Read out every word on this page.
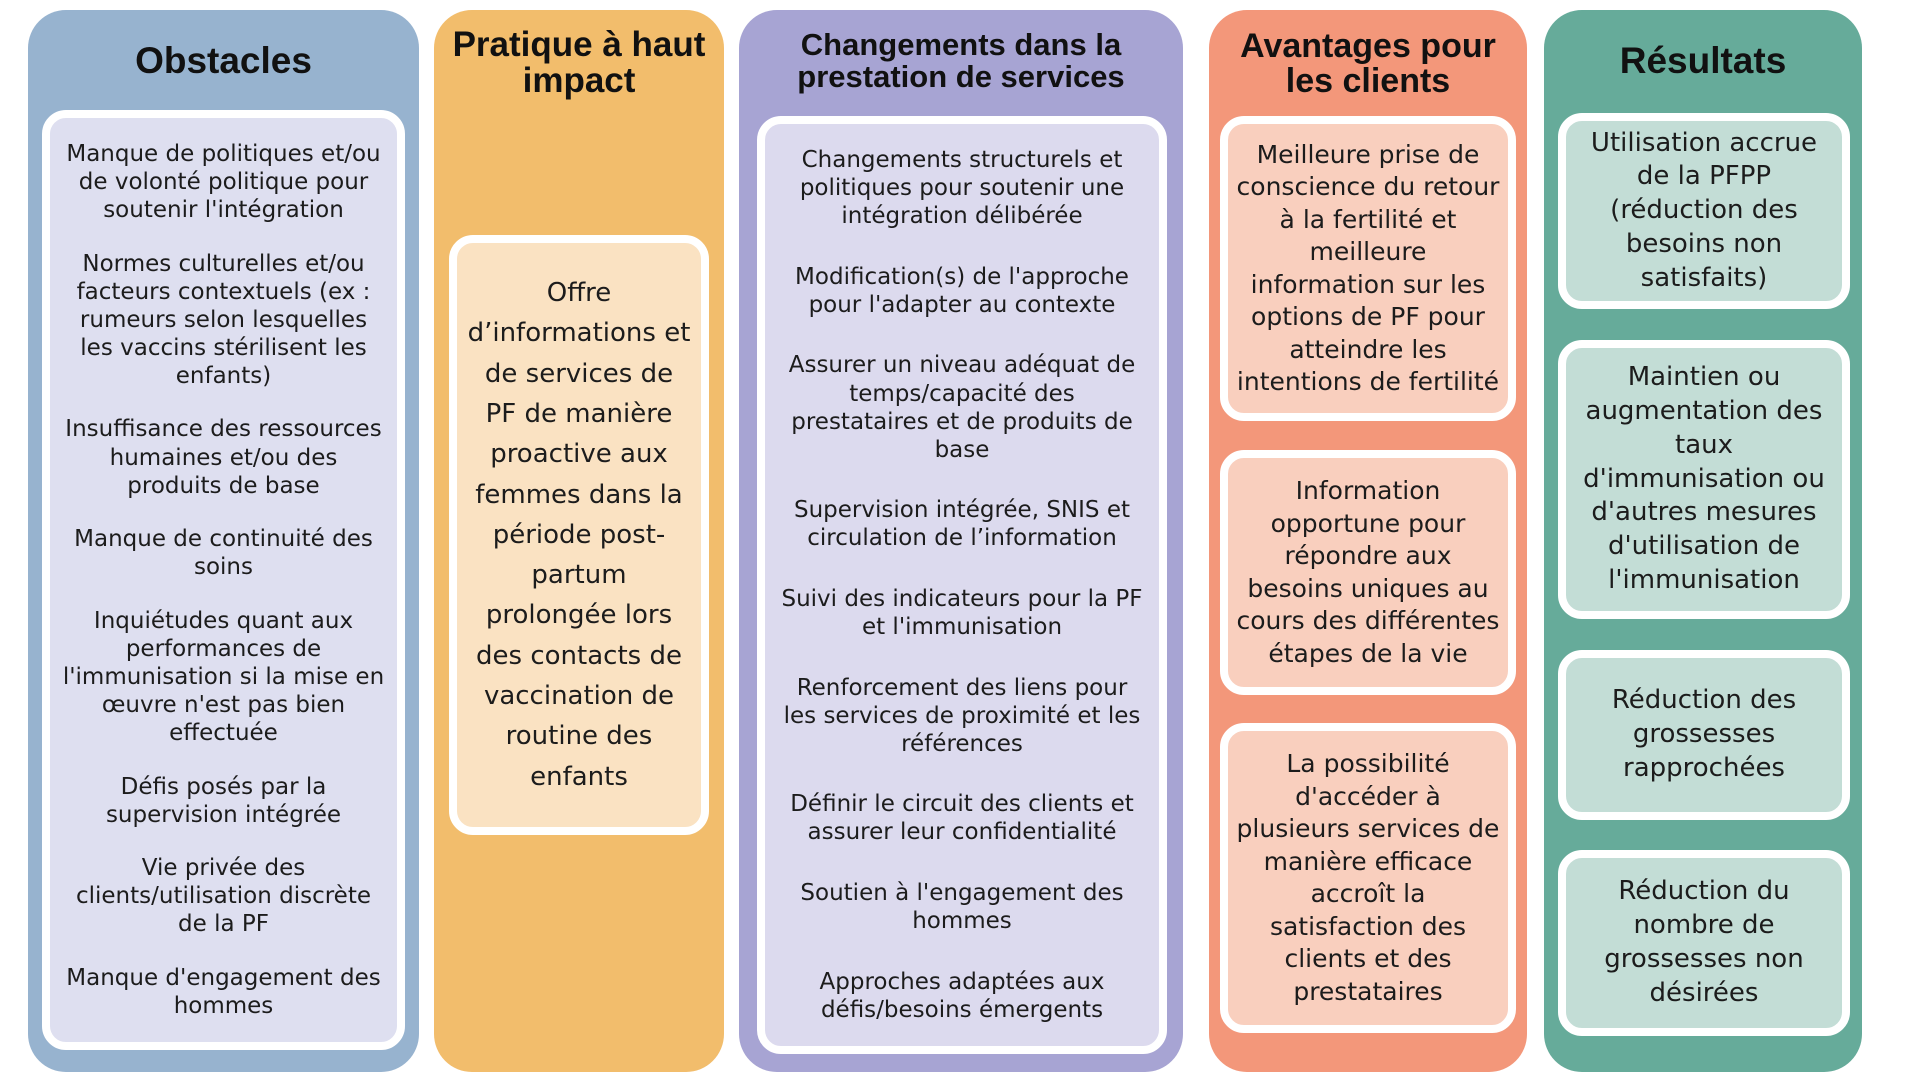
Obstacles
Manque de politiques et/ou de volonté politique pour soutenir l'intégration
Normes culturelles et/ou facteurs contextuels (ex : rumeurs selon lesquelles les vaccins stérilisent les enfants)
Insuffisance des ressources humaines et/ou des produits de base
Manque de continuité des soins
Inquiétudes quant aux performances de l'immunisation si la mise en œuvre n'est pas bien effectuée
Défis posés par la supervision intégrée
Vie privée des clients/utilisation discrète de la PF
Manque d'engagement des hommes
Pratique à haut
impact
Offre d’informations et de services de PF de manière proactive aux femmes dans la période post-partum prolongée lors des contacts de vaccination de routine des enfants
Changements dans la
prestation de services
Changements structurels et politiques pour soutenir une intégration délibérée
Modification(s) de l'approche pour l'adapter au contexte
Assurer un niveau adéquat de temps/capacité des prestataires et de produits de base
Supervision intégrée, SNIS et circulation de l’information
Suivi des indicateurs pour la PF et l'immunisation
Renforcement des liens pour les services de proximité et les références
Définir le circuit des clients et assurer leur confidentialité
Soutien à l'engagement des hommes
Approches adaptées aux défis/besoins émergents
Avantages pour
les clients
Meilleure prise de conscience du retour à la fertilité et meilleure information sur les options de PF pour atteindre les intentions de fertilité
Information opportune pour répondre aux besoins uniques au cours des différentes étapes de la vie
La possibilité d'accéder à plusieurs services de manière efficace accroît la satisfaction des clients et des prestataires
Résultats
Utilisation accrue de la PFPP (réduction des besoins non satisfaits)
Maintien ou augmentation des taux d'immunisation ou d'autres mesures d'utilisation de l'immunisation
Réduction des grossesses rapprochées
Réduction du nombre de grossesses non désirées
